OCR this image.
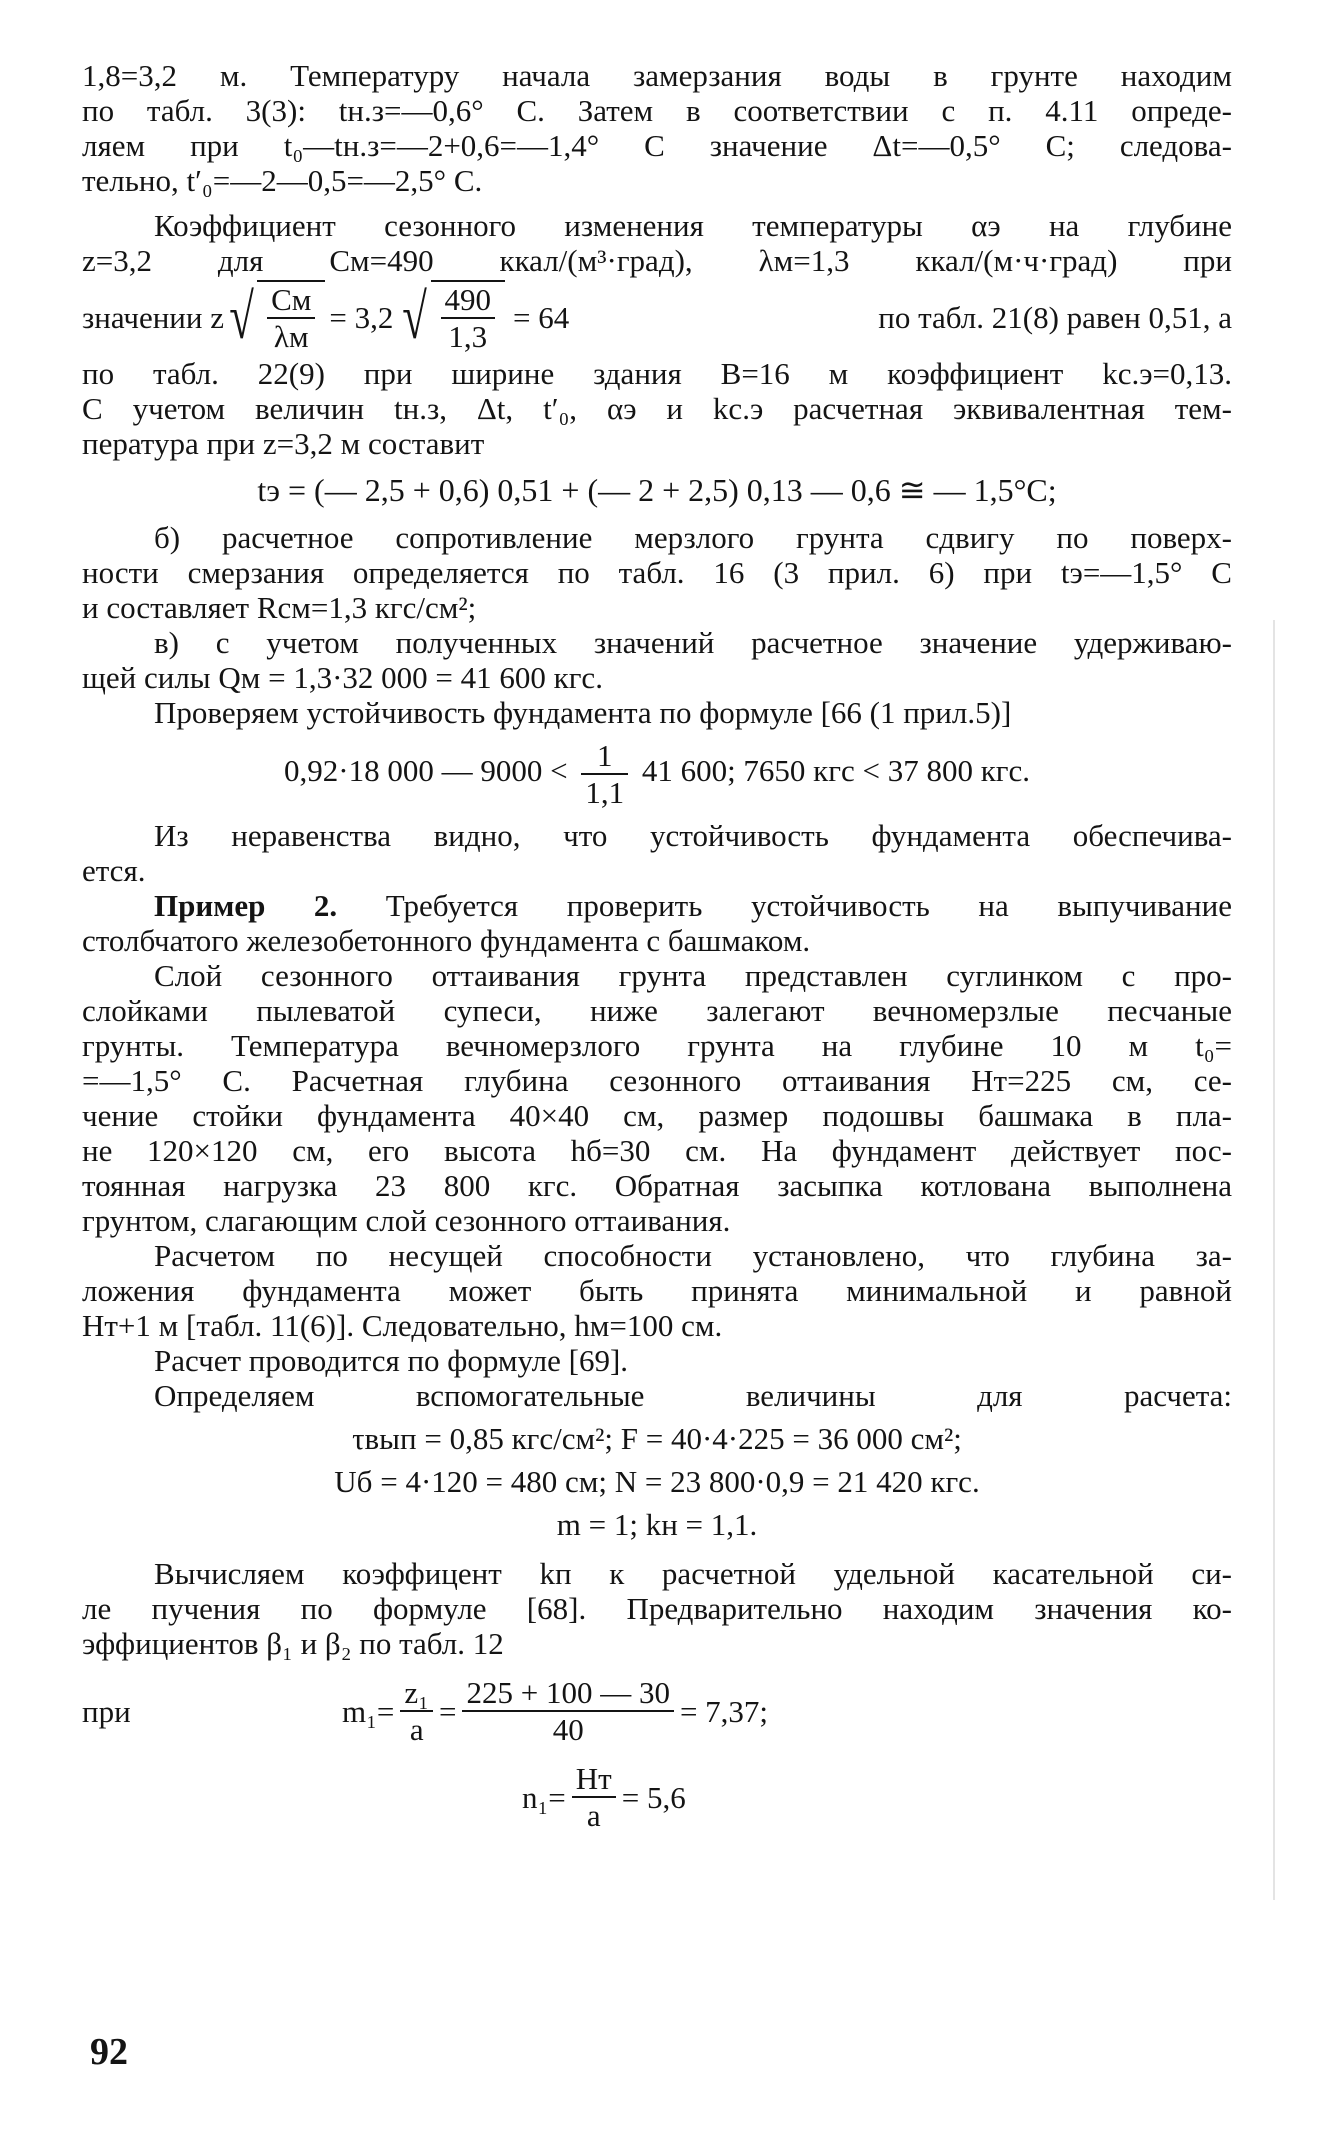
1,8=3,2 м. Температуру начала замерзания воды в грунте находим
по табл. 3(3): tн.з=—0,6° С. Затем в соответствии с п. 4.11 опреде-
ляем при t₀—tн.з=—2+0,6=—1,4° С значение Δt=—0,5° С; следова-
тельно, t′₀=—2—0,5=—2,5° С.
Коэффициент сезонного изменения температуры αэ на глубине
z=3,2 для Cм=490 ккал/(м³·град), λм=1,3 ккал/(м·ч·град) при
значении z √ $\frac{Cм}{\lambda м} = 3,2$ √ $\frac{490}{1,3} = 64$	по табл. 21(8) равен 0,51, а
по табл. 22(9) при ширине здания B=16 м коэффициент kс.э=0,13.
С учетом величин tн.з, Δt, t′₀, αэ и kс.э расчетная эквивалентная тем-
пература при z=3,2 м составит
tэ = (— 2,5 + 0,6) 0,51 + (— 2 + 2,5) 0,13 — 0,6 ≅ — 1,5°C;
б) расчетное сопротивление мерзлого грунта сдвигу по поверх-
ности смерзания определяется по табл. 16 (3 прил. 6) при tэ=—1,5° С
и составляет Rсм=1,3 кгс/см²;
в) с учетом полученных значений расчетное значение удерживаю-
щей силы Qм = 1,3·32 000 = 41 600 кгс.
Проверяем устойчивость фундамента по формуле [66 (1 прил.5)]
0,92·18 000 — $9000 < \frac{1}{1,1} 41$ 600; 7650 кгс < 37 800 кгс.
Из неравенства видно, что устойчивость фундамента обеспечива-
ется.
Пример 2. Требуется проверить устойчивость на выпучивание
столбчатого железобетонного фундамента с башмаком.
Слой сезонного оттаивания грунта представлен суглинком с про-
слойками пылеватой супеси, ниже залегают вечномерзлые песчаные
грунты. Температура вечномерзлого грунта на глубине 10 м t₀=
=—1,5° С. Расчетная глубина сезонного оттаивания Hт=225 см, се-
чение стойки фундамента 40×40 см, размер подошвы башмака в пла-
не 120×120 см, его высота hб=30 см. На фундамент действует пос-
тоянная нагрузка 23 800 кгс. Обратная засыпка котлована выполнена
грунтом, слагающим слой сезонного оттаивания.
Расчетом по несущей способности установлено, что глубина за-
ложения фундамента может быть принята минимальной и равной
Hт+1 м [табл. 11(6)]. Следовательно, hм=100 см.
Расчет проводится по формуле [69].
Определяем вспомогательные величины для расчета:
τвып = 0,85 кгс/см²; F = 40·4·225 = 36 000 см²;
Uб = 4·120 = 480 см; N = 23 800·0,9 = 21 420 кгс.
m = 1; kн = 1,1.
Вычисляем коэффицент kп к расчетной удельной касательной си-
ле пучения по формуле [68]. Предварительно находим значения ко-
эффициентов β₁ и β₂ по табл. 12
при	$m_1= \frac{\text{z₁}}{a} = \frac{225 + 100 — 30}{40} = 7,37$;
$n_1= \frac{Hт}{a} = 5,6$
92
